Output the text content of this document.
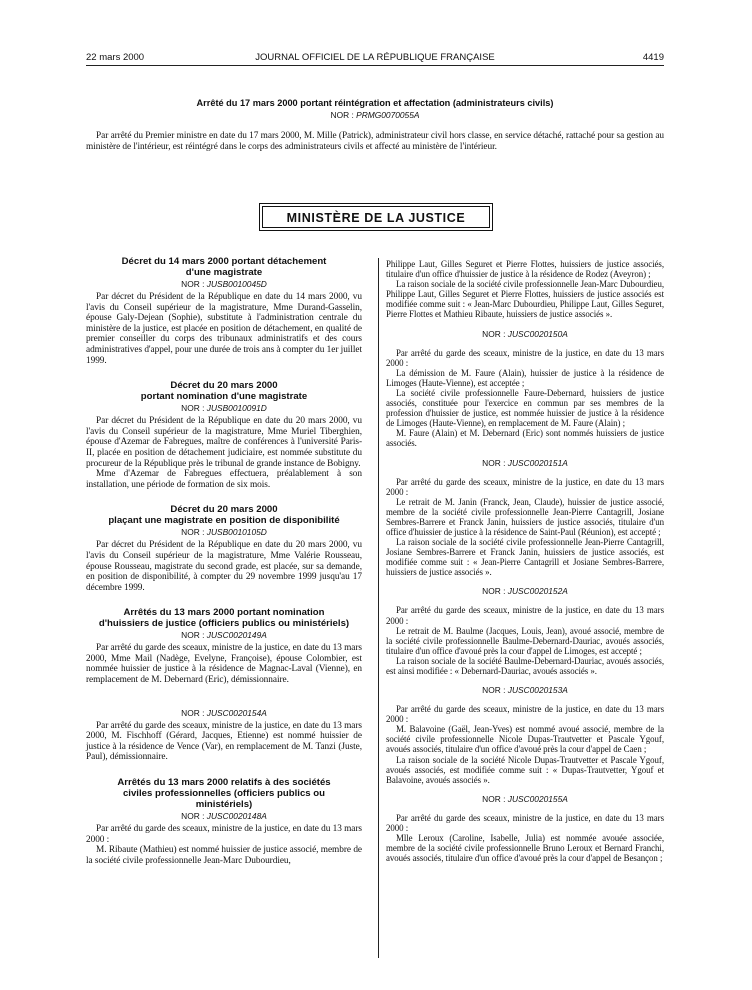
22 mars 2000	JOURNAL OFFICIEL DE LA RÉPUBLIQUE FRANÇAISE	4419
Arrêté du 17 mars 2000 portant réintégration et affectation (administrateurs civils)
NOR : PRMG0070055A

Par arrêté du Premier ministre en date du 17 mars 2000, M. Mille (Patrick), administrateur civil hors classe, en service détaché, rattaché pour sa gestion au ministère de l'intérieur, est réintégré dans le corps des administrateurs civils et affecté au ministère de l'intérieur.

MINISTÈRE DE LA JUSTICE
Décret du 14 mars 2000 portant détachement
d'une magistrate
NOR : JUSB0010045D

Par décret du Président de la République en date du 14 mars 2000, vu l'avis du Conseil supérieur de la magistrature, Mme Durand-Gasselin, épouse Galy-Dejean (Sophie), substitute à l'administration centrale du ministère de la justice, est placée en position de détachement, en qualité de premier conseiller du corps des tribunaux administratifs et des cours administratives d'appel, pour une durée de trois ans à compter du 1er juillet 1999.

Décret du 20 mars 2000
portant nomination d'une magistrate
NOR : JUSB0010091D

Par décret du Président de la République en date du 20 mars 2000, vu l'avis du Conseil supérieur de la magistrature, Mme Muriel Tiberghien, épouse d'Azemar de Fabregues, maître de conférences à l'université Paris-II, placée en position de détachement judiciaire, est nommée substitute du procureur de la République près le tribunal de grande instance de Bobigny.

Mme d'Azemar de Fabregues effectuera, préalablement à son installation, une période de formation de six mois.

Décret du 20 mars 2000
plaçant une magistrate en position de disponibilité
NOR : JUSB0010105D

Par décret du Président de la République en date du 20 mars 2000, vu l'avis du Conseil supérieur de la magistrature, Mme Valérie Rousseau, épouse Rousseau, magistrate du second grade, est placée, sur sa demande, en position de disponibilité, à compter du 29 novembre 1999 jusqu'au 17 décembre 1999.

Arrêtés du 13 mars 2000 portant nomination
d'huissiers de justice (officiers publics ou ministériels)
NOR : JUSC0020149A

Par arrêté du garde des sceaux, ministre de la justice, en date du 13 mars 2000, Mme Mail (Nadège, Evelyne, Françoise), épouse Colombier, est nommée huissier de justice à la résidence de Magnac-Laval (Vienne), en remplacement de M. Debernard (Eric), démissionnaire.

NOR : JUSC0020154A

Par arrêté du garde des sceaux, ministre de la justice, en date du 13 mars 2000, M. Fischhoff (Gérard, Jacques, Etienne) est nommé huissier de justice à la résidence de Vence (Var), en remplacement de M. Tanzi (Juste, Paul), démissionnaire.

Arrêtés du 13 mars 2000 relatifs à des sociétés
civiles professionnelles (officiers publics ou
ministériels)
NOR : JUSC0020148A

Par arrêté du garde des sceaux, ministre de la justice, en date du 13 mars 2000 :

M. Ribaute (Mathieu) est nommé huissier de justice associé, membre de la société civile professionnelle Jean-Marc Dubourdieu,

Philippe Laut, Gilles Seguret et Pierre Flottes, huissiers de justice associés, titulaire d'un office d'huissier de justice à la résidence de Rodez (Aveyron) ;

La raison sociale de la société civile professionnelle Jean-Marc Dubourdieu, Philippe Laut, Gilles Seguret et Pierre Flottes, huissiers de justice associés est modifiée comme suit : « Jean-Marc Dubourdieu, Philippe Laut, Gilles Seguret, Pierre Flottes et Mathieu Ribaute, huissiers de justice associés ».

NOR : JUSC0020150A

Par arrêté du garde des sceaux, ministre de la justice, en date du 13 mars 2000 :

La démission de M. Faure (Alain), huissier de justice à la résidence de Limoges (Haute-Vienne), est acceptée ;

La société civile professionnelle Faure-Debernard, huissiers de justice associés, constituée pour l'exercice en commun par ses membres de la profession d'huissier de justice, est nommée huissier de justice à la résidence de Limoges (Haute-Vienne), en remplacement de M. Faure (Alain) ;

M. Faure (Alain) et M. Debernard (Eric) sont nommés huissiers de justice associés.

NOR : JUSC0020151A

Par arrêté du garde des sceaux, ministre de la justice, en date du 13 mars 2000 :

Le retrait de M. Janin (Franck, Jean, Claude), huissier de justice associé, membre de la société civile professionnelle Jean-Pierre Cantagrill, Josiane Sembres-Barrere et Franck Janin, huissiers de justice associés, titulaire d'un office d'huissier de justice à la résidence de Saint-Paul (Réunion), est accepté ;

La raison sociale de la société civile professionnelle Jean-Pierre Cantagrill, Josiane Sembres-Barrere et Franck Janin, huissiers de justice associés, est modifiée comme suit : « Jean-Pierre Cantagrill et Josiane Sembres-Barrere, huissiers de justice associés ».

NOR : JUSC0020152A

Par arrêté du garde des sceaux, ministre de la justice, en date du 13 mars 2000 :

Le retrait de M. Baulme (Jacques, Louis, Jean), avoué associé, membre de la société civile professionnelle Baulme-Debernard-Dauriac, avoués associés, titulaire d'un office d'avoué près la cour d'appel de Limoges, est accepté ;

La raison sociale de la société Baulme-Debernard-Dauriac, avoués associés, est ainsi modifiée : « Debernard-Dauriac, avoués associés ».

NOR : JUSC0020153A

Par arrêté du garde des sceaux, ministre de la justice, en date du 13 mars 2000 :

M. Balavoine (Gaël, Jean-Yves) est nommé avoué associé, membre de la société civile professionnelle Nicole Dupas-Trautvetter et Pascale Ygouf, avoués associés, titulaire d'un office d'avoué près la cour d'appel de Caen ;

La raison sociale de la société Nicole Dupas-Trautvetter et Pascale Ygouf, avoués associés, est modifiée comme suit : « Dupas-Trautvetter, Ygouf et Balavoine, avoués associés ».

NOR : JUSC0020155A

Par arrêté du garde des sceaux, ministre de la justice, en date du 13 mars 2000 :

Mlle Leroux (Caroline, Isabelle, Julia) est nommée avouée associée, membre de la société civile professionnelle Bruno Leroux et Bernard Franchi, avoués associés, titulaire d'un office d'avoué près la cour d'appel de Besançon ;
